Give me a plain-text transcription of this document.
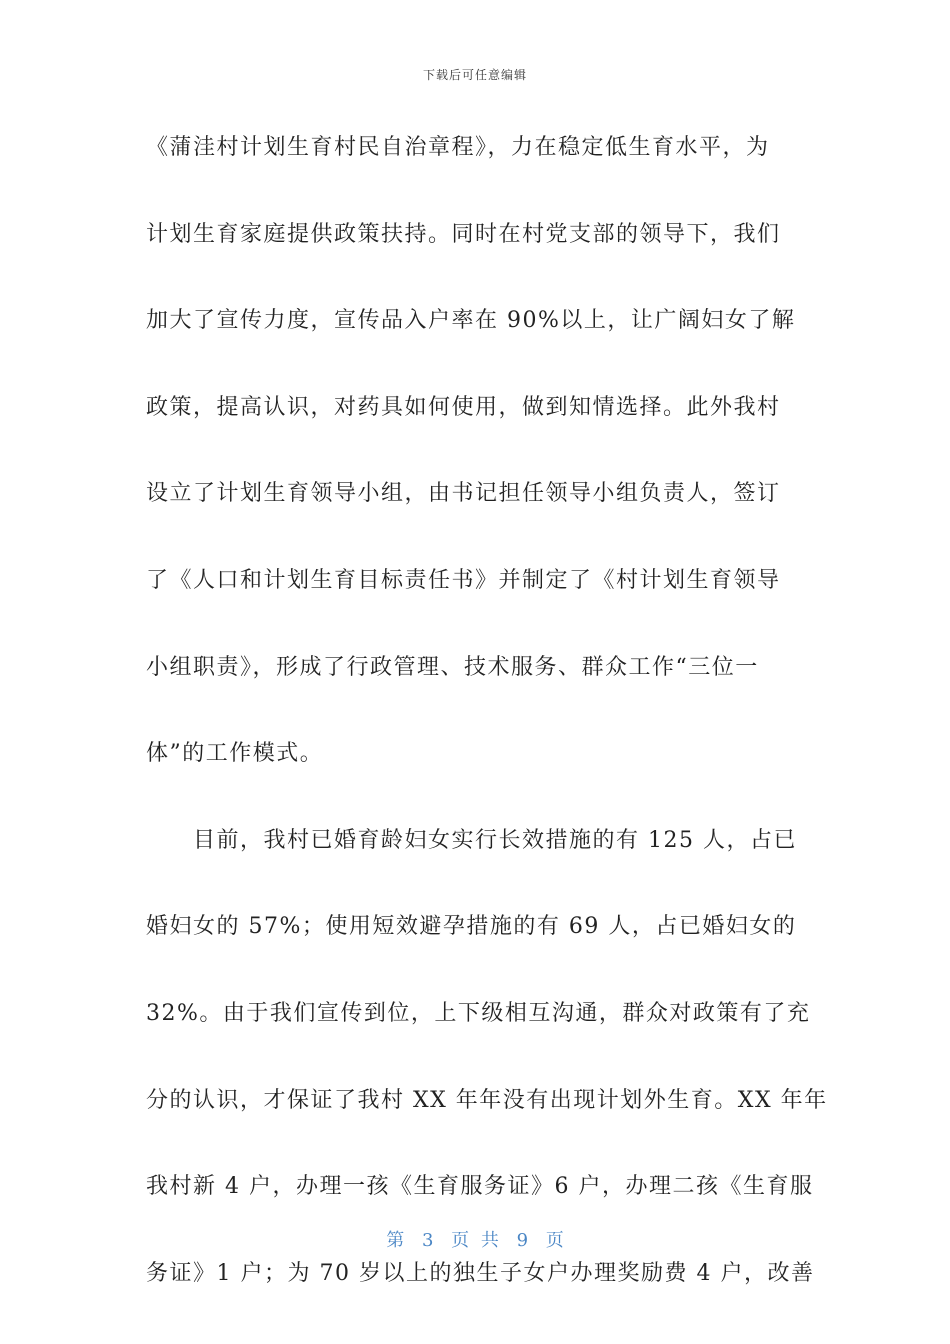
下载后可任意编辑
《蒲洼村计划生育村民自治章程》，力在稳定低生育水平，为
计划生育家庭提供政策扶持。同时在村党支部的领导下，我们
加大了宣传力度，宣传品入户率在 90%以上，让广阔妇女了解
政策，提高认识，对药具如何使用，做到知情选择。此外我村
设立了计划生育领导小组，由书记担任领导小组负责人，签订
了《人口和计划生育目标责任书》并制定了《村计划生育领导
小组职责》，形成了行政管理、技术服务、群众工作“三位一
体”的工作模式。
　　目前，我村已婚育龄妇女实行长效措施的有 125 人，占已
婚妇女的 57%；使用短效避孕措施的有 69 人，占已婚妇女的
32%。由于我们宣传到位，上下级相互沟通，群众对政策有了充
分的认识，才保证了我村 XX 年年没有出现计划外生育。XX 年年
我村新 4 户，办理一孩《生育服务证》6 户，办理二孩《生育服
务证》1 户；为 70 岁以上的独生子女户办理奖励费 4 户，改善
第 3 页 共 9 页
